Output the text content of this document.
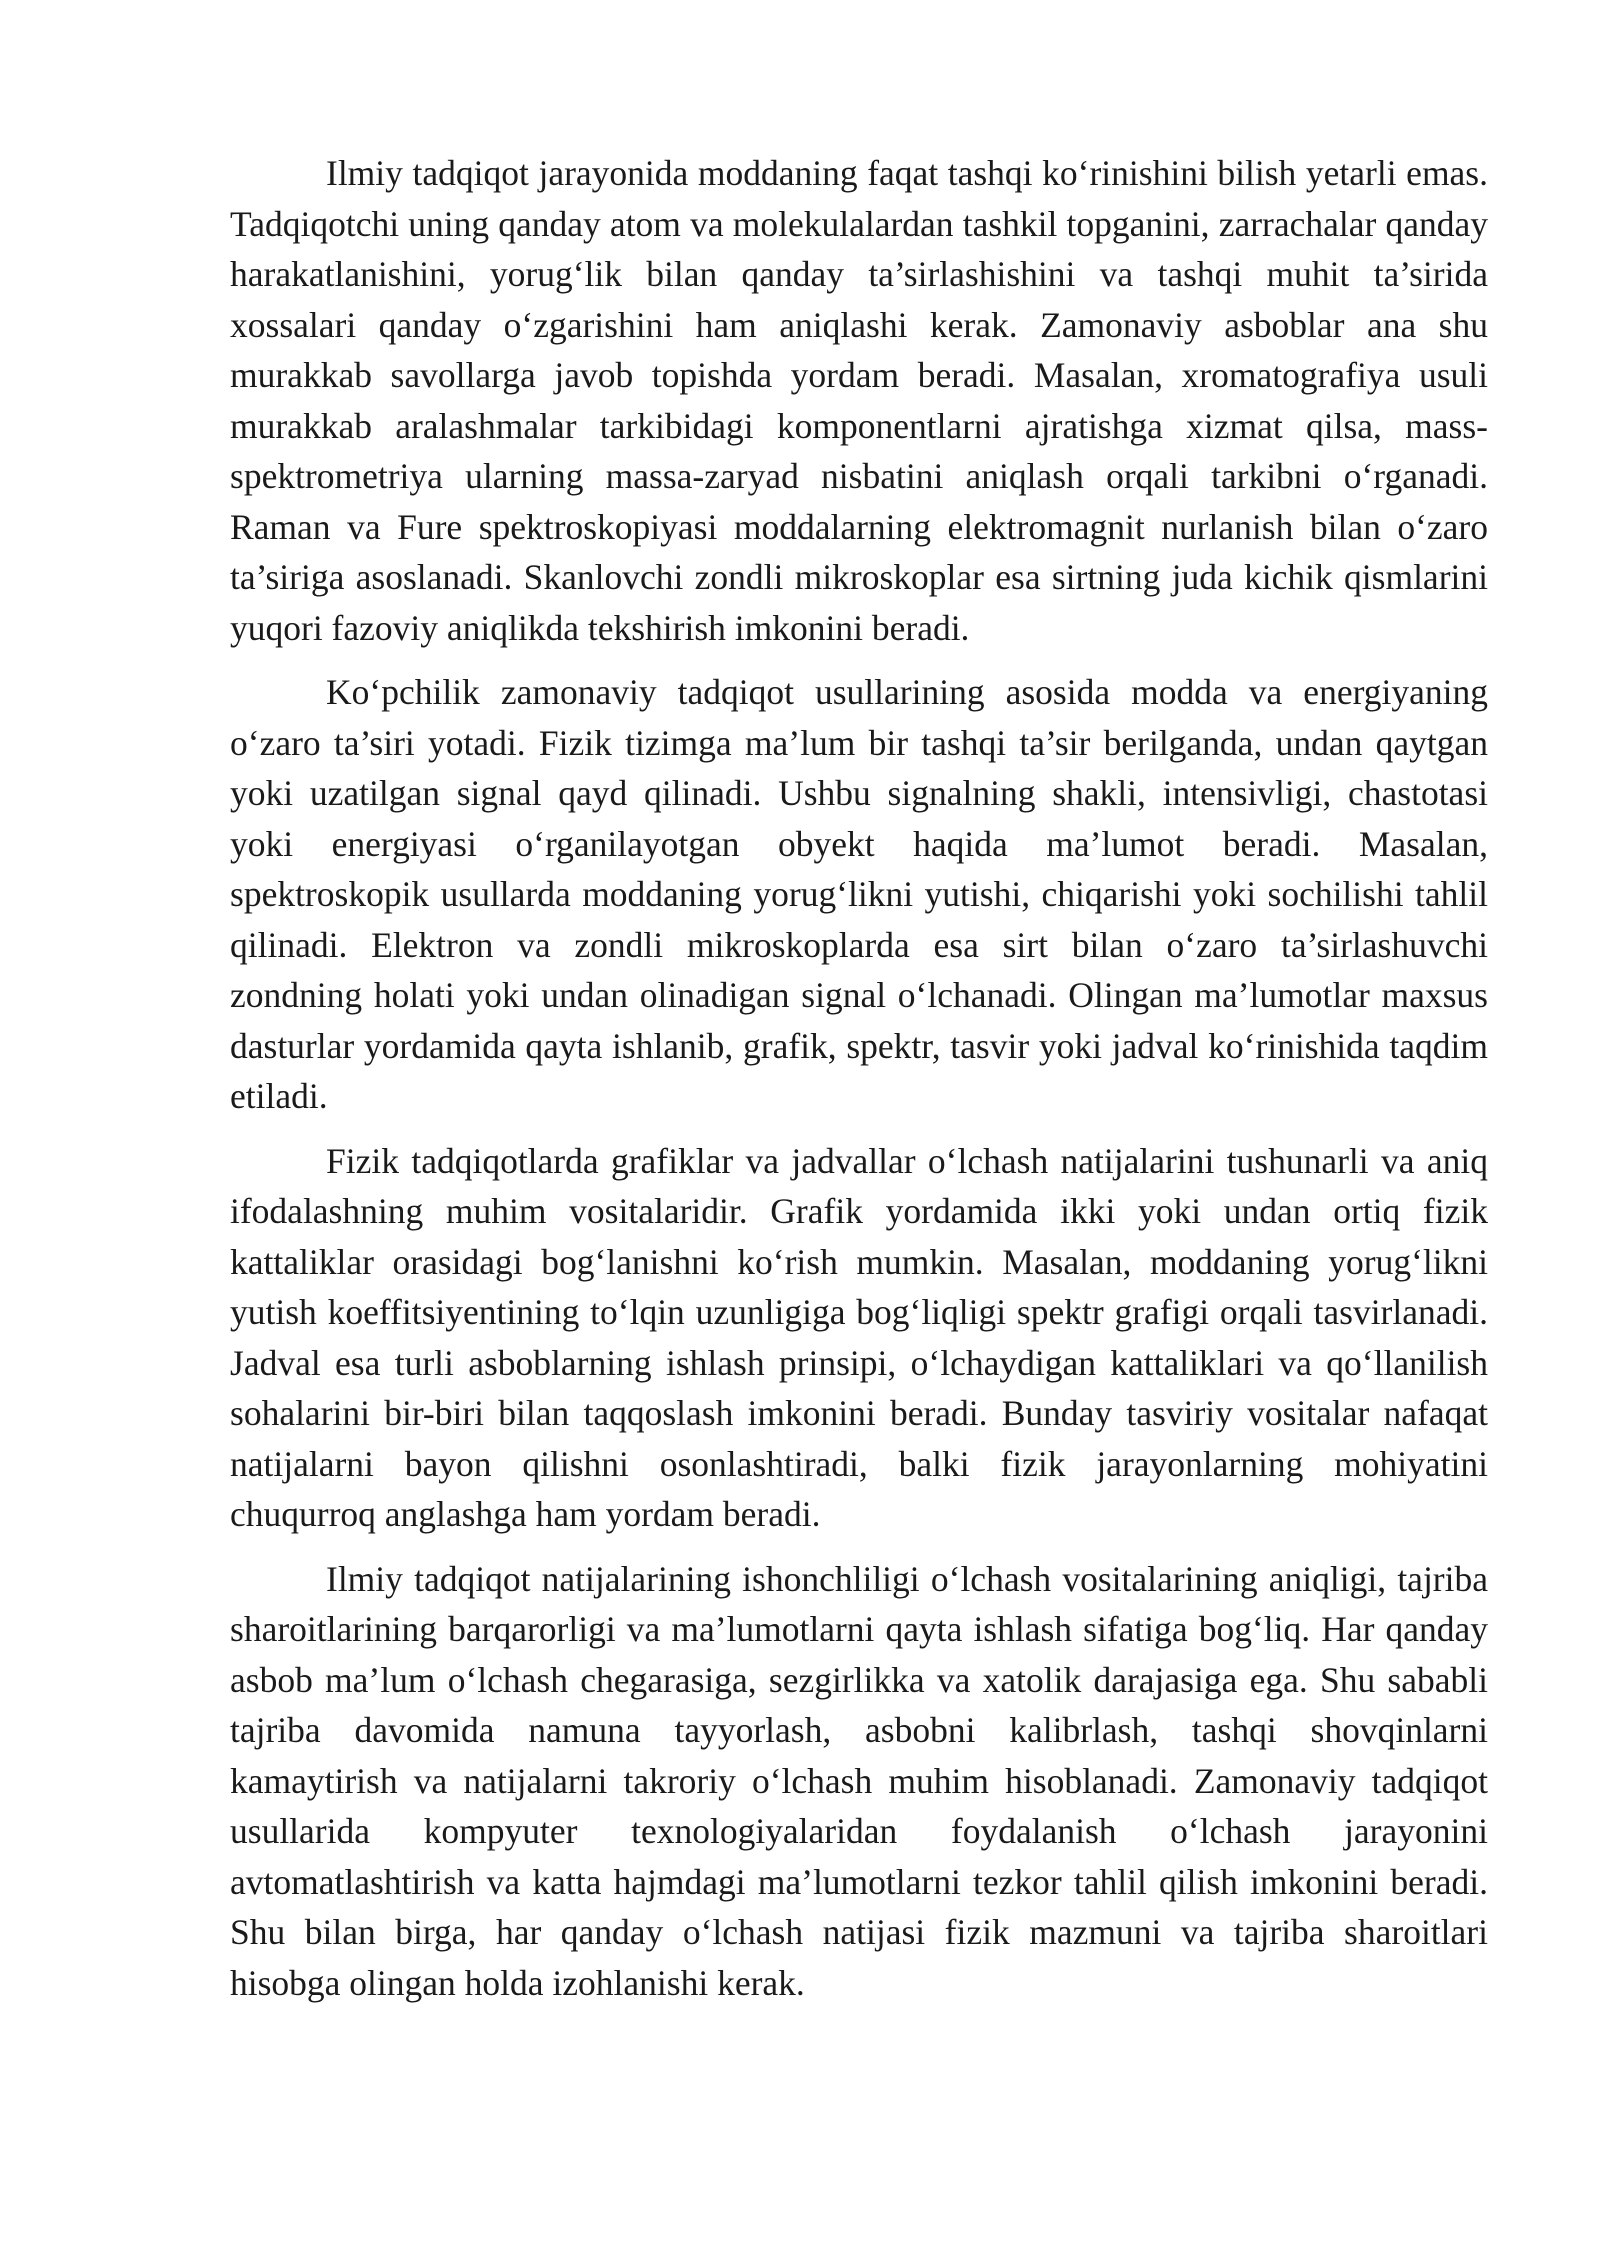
Ilmiy tadqiqot jarayonida moddaning faqat tashqi ko‘rinishini bilish yetarli emas. Tadqiqotchi uning qanday atom va molekulalardan tashkil topganini, zarrachalar qanday harakatlanishini, yorug‘lik bilan qanday ta’sirlashishini va tashqi muhit ta’sirida xossalari qanday o‘zgarishini ham aniqlashi kerak. Zamonaviy asboblar ana shu murakkab savollarga javob topishda yordam beradi. Masalan, xromatografiya usuli murakkab aralashmalar tarkibidagi komponentlarni ajratishga xizmat qilsa, mass-spektrometriya ularning massa-zaryad nisbatini aniqlash orqali tarkibni o‘rganadi. Raman va Fure spektroskopiyasi moddalarning elektromagnit nurlanish bilan o‘zaro ta’siriga asoslanadi. Skanlovchi zondli mikroskoplar esa sirtning juda kichik qismlarini yuqori fazoviy aniqlikda tekshirish imkonini beradi.

Ko‘pchilik zamonaviy tadqiqot usullarining asosida modda va energiyaning o‘zaro ta’siri yotadi. Fizik tizimga ma’lum bir tashqi ta’sir berilganda, undan qaytgan yoki uzatilgan signal qayd qilinadi. Ushbu signalning shakli, intensivligi, chastotasi yoki energiyasi o‘rganilayotgan obyekt haqida ma’lumot beradi. Masalan, spektroskopik usullarda moddaning yorug‘likni yutishi, chiqarishi yoki sochilishi tahlil qilinadi. Elektron va zondli mikroskoplarda esa sirt bilan o‘zaro ta’sirlashuvchi zondning holati yoki undan olinadigan signal o‘lchanadi. Olingan ma’lumotlar maxsus dasturlar yordamida qayta ishlanib, grafik, spektr, tasvir yoki jadval ko‘rinishida taqdim etiladi.

Fizik tadqiqotlarda grafiklar va jadvallar o‘lchash natijalarini tushunarli va aniq ifodalashning muhim vositalaridir. Grafik yordamida ikki yoki undan ortiq fizik kattaliklar orasidagi bog‘lanishni ko‘rish mumkin. Masalan, moddaning yorug‘likni yutish koeffitsiyentining to‘lqin uzunligiga bog‘liqligi spektr grafigi orqali tasvirlanadi. Jadval esa turli asboblarning ishlash prinsipi, o‘lchaydigan kattaliklari va qo‘llanilish sohalarini bir-biri bilan taqqoslash imkonini beradi. Bunday tasviriy vositalar nafaqat natijalarni bayon qilishni osonlashtiradi, balki fizik jarayonlarning mohiyatini chuqurroq anglashga ham yordam beradi.

Ilmiy tadqiqot natijalarining ishonchliligi o‘lchash vositalarining aniqligi, tajriba sharoitlarining barqarorligi va ma’lumotlarni qayta ishlash sifatiga bog‘liq. Har qanday asbob ma’lum o‘lchash chegarasiga, sezgirlikka va xatolik darajasiga ega. Shu sababli tajriba davomida namuna tayyorlash, asbobni kalibrlash, tashqi shovqinlarni kamaytirish va natijalarni takroriy o‘lchash muhim hisoblanadi. Zamonaviy tadqiqot usullarida kompyuter texnologiyalaridan foydalanish o‘lchash jarayonini avtomatlashtirish va katta hajmdagi ma’lumotlarni tezkor tahlil qilish imkonini beradi. Shu bilan birga, har qanday o‘lchash natijasi fizik mazmuni va tajriba sharoitlari hisobga olingan holda izohlanishi kerak.
